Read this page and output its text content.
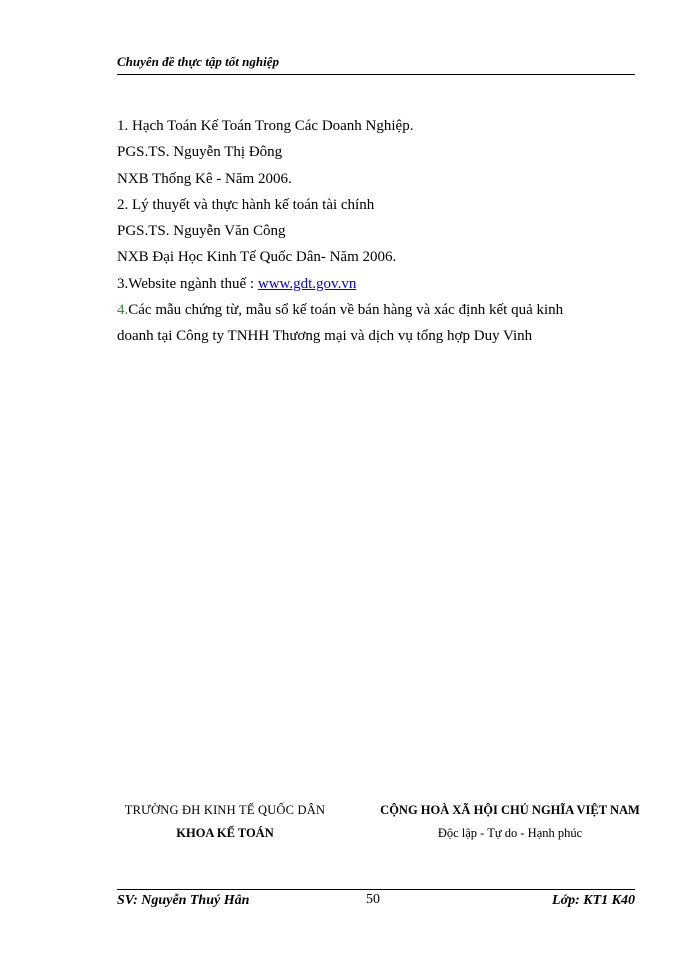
Chuyên đề thực tập tốt nghiệp
1. Hạch Toán Kế Toán Trong Các Doanh Nghiệp.
PGS.TS. Nguyễn Thị Đông
NXB Thống Kê - Năm 2006.
2. Lý thuyết và thực hành kế toán tài chính
PGS.TS. Nguyễn Văn Công
NXB Đại Học Kinh Tế Quốc Dân- Năm 2006.
3.Website ngành thuế : www.gdt.gov.vn
4.Các mẫu chứng từ, mẫu sổ kế toán về bán hàng và xác định kết quả kinh
doanh tại Công ty TNHH Thương mại và dịch vụ tổng hợp Duy Vinh
TRƯỜNG ĐH KINH TẾ QUỐC DÂN
KHOA KẾ TOÁN
CỘNG HOÀ XÃ HỘI CHỦ NGHĨA VIỆT NAM
Độc lập - Tự do - Hạnh phúc
SV: Nguyễn Thuý Hân	50	Lớp: KT1 K40
